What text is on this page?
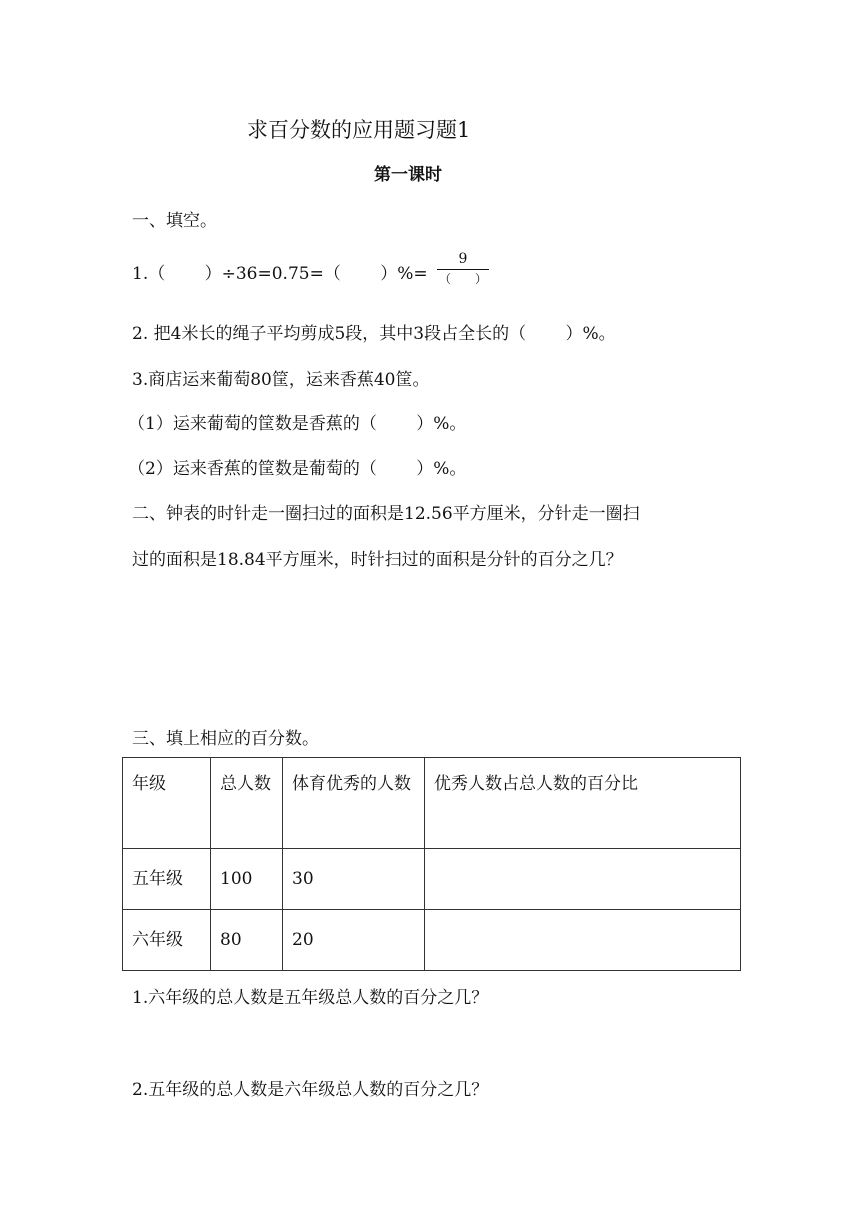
求百分数的应用题习题1
第一课时
一、填空。
1.（　　 ）÷36=0.75=（　　 ）%=
9
（　　）
2. 把4米长的绳子平均剪成5段，其中3段占全长的（　　 ）%。
3.商店运来葡萄80筐，运来香蕉40筐。
（1）运来葡萄的筐数是香蕉的（　　 ）%。
（2）运来香蕉的筐数是葡萄的（　　 ）%。
二、钟表的时针走一圈扫过的面积是12.56平方厘米，分针走一圈扫
过的面积是18.84平方厘米，时针扫过的面积是分针的百分之几？
三、填上相应的百分数。
年级	总人数	体育优秀的人数	优秀人数占总人数的百分比
五年级	100	30	
六年级	80	20	
1.六年级的总人数是五年级总人数的百分之几？
2.五年级的总人数是六年级总人数的百分之几？
